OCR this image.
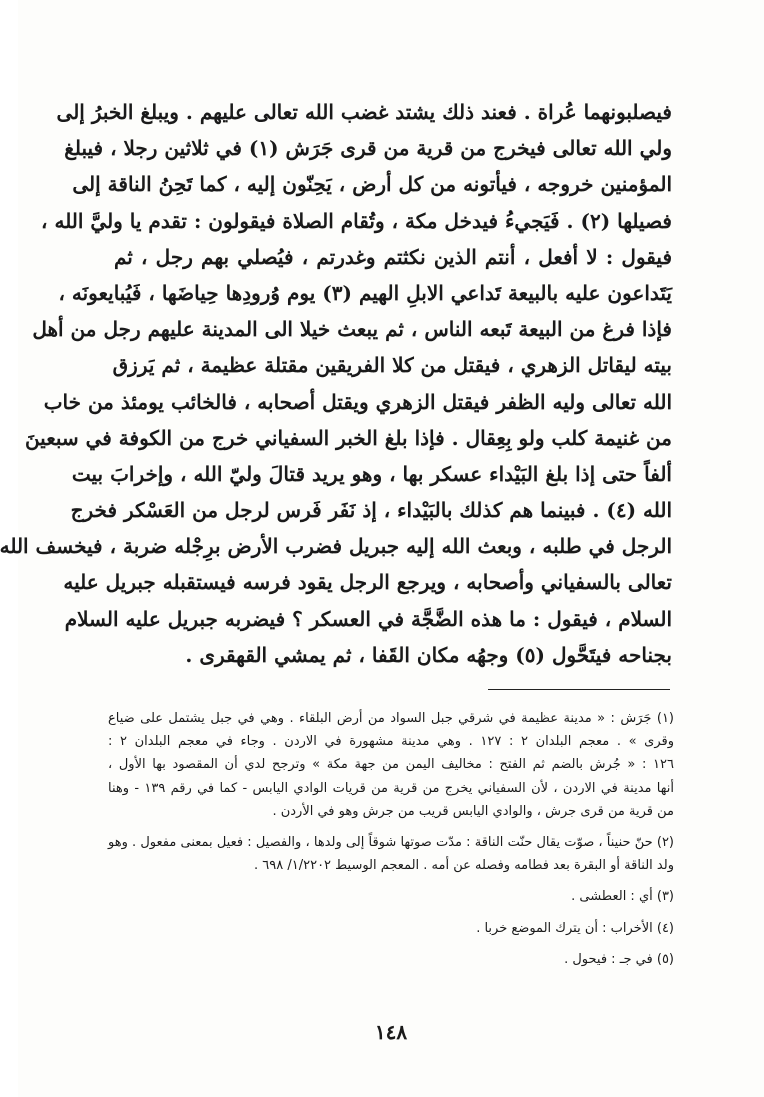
فيصلبونهما عُراة . فعند ذلك يشتد غضب الله تعالى عليهم . ويبلغ الخبرُ إلى
ولي الله تعالى فيخرج من قرية من قرى جَرَش (١) في ثلاثين رجلا ، فيبلغ
المؤمنين خروجه ، فيأتونه من كل أرض ، يَحِنّون إليه ، كما تَحِنُ الناقة إلى
فصيلها (٢) . فَيَجيءُ فيدخل مكة ، وتُقام الصلاة فيقولون : تقدم يا وليَّ الله ،
فيقول : لا أفعل ، أنتم الذين نكثتم وغدرتم ، فيُصلي بهم رجل ، ثم
يَتَداعون عليه بالبيعة تَداعي الابلِ الهيم (٣) يوم وُرودِها حِياضَها ، فَيُبايعونَه ،
فإذا فرغ من البيعة تَبعه الناس ، ثم يبعث خيلا الى المدينة عليهم رجل من أهل
بيته ليقاتل الزهري ، فيقتل من كلا الفريقين مقتلة عظيمة ، ثم يَرزق
الله تعالى وليه الظفر فيقتل الزهري ويقتل أصحابه ، فالخائب يومئذ من خاب
من غنيمة كلب ولو بِعِقال . فإذا بلغ الخبر السفياني خرج من الكوفة في سبعينَ
ألفاً حتى إذا بلغ البَيْداء عسكر بها ، وهو يريد قتالَ وليّ الله ، وإخرابَ بيت
الله (٤) . فبينما هم كذلك بالبَيْداء ، إذ نَفَر فَرس لرجل من العَسْكر فخرج
الرجل في طلبه ، وبعث الله إليه جبريل فضرب الأرض برِجْله ضربة ، فيخسف الله
تعالى بالسفياني وأصحابه ، ويرجع الرجل يقود فرسه فيستقبله جبريل عليه
السلام ، فيقول : ما هذه الضَّجَّة في العسكر ؟ فيضربه جبريل عليه السلام
بجناحه فيتَحَّول (٥) وجهُه مكان القَفا ، ثم يمشي القهقرى .
(١) جَرَش : « مدينة عظيمة في شرقي جبل السواد من أرض البلقاء . وهي في جبل يشتمل على ضياع
وقرى » . معجم البلدان ٢ : ١٢٧ . وهي مدينة مشهورة في الاردن . وجاء في معجم البلدان ٢ :
١٢٦ : « جُرش بالضم ثم الفتح : مخاليف اليمن من جهة مكة » وترجح لدي أن المقصود بها الأول ،
أنها مدينة في الاردن ، لأن السفياني يخرج من قرية من قريات الوادي اليابس - كما في رقم ١٣٩ - وهنا
من قرية من قرى جرش ، والوادي اليابس قريب من جرش وهو في الأردن .
(٢) حنّ حنيناً ، صوّت يقال حنّت الناقة : مدّت صوتها شوقاً إلى ولدها ، والفصيل : فعيل بمعنى مفعول . وهو
ولد الناقة أو البقرة بعد فطامه وفصله عن أمه . المعجم الوسيط ١/٢٢٠٢/ ٦٩٨ .
(٣) أي : العطشى .
(٤) الأخراب : أن يترك الموضع خربا .
(٥) في جـ : فيحول .
١٤٨
